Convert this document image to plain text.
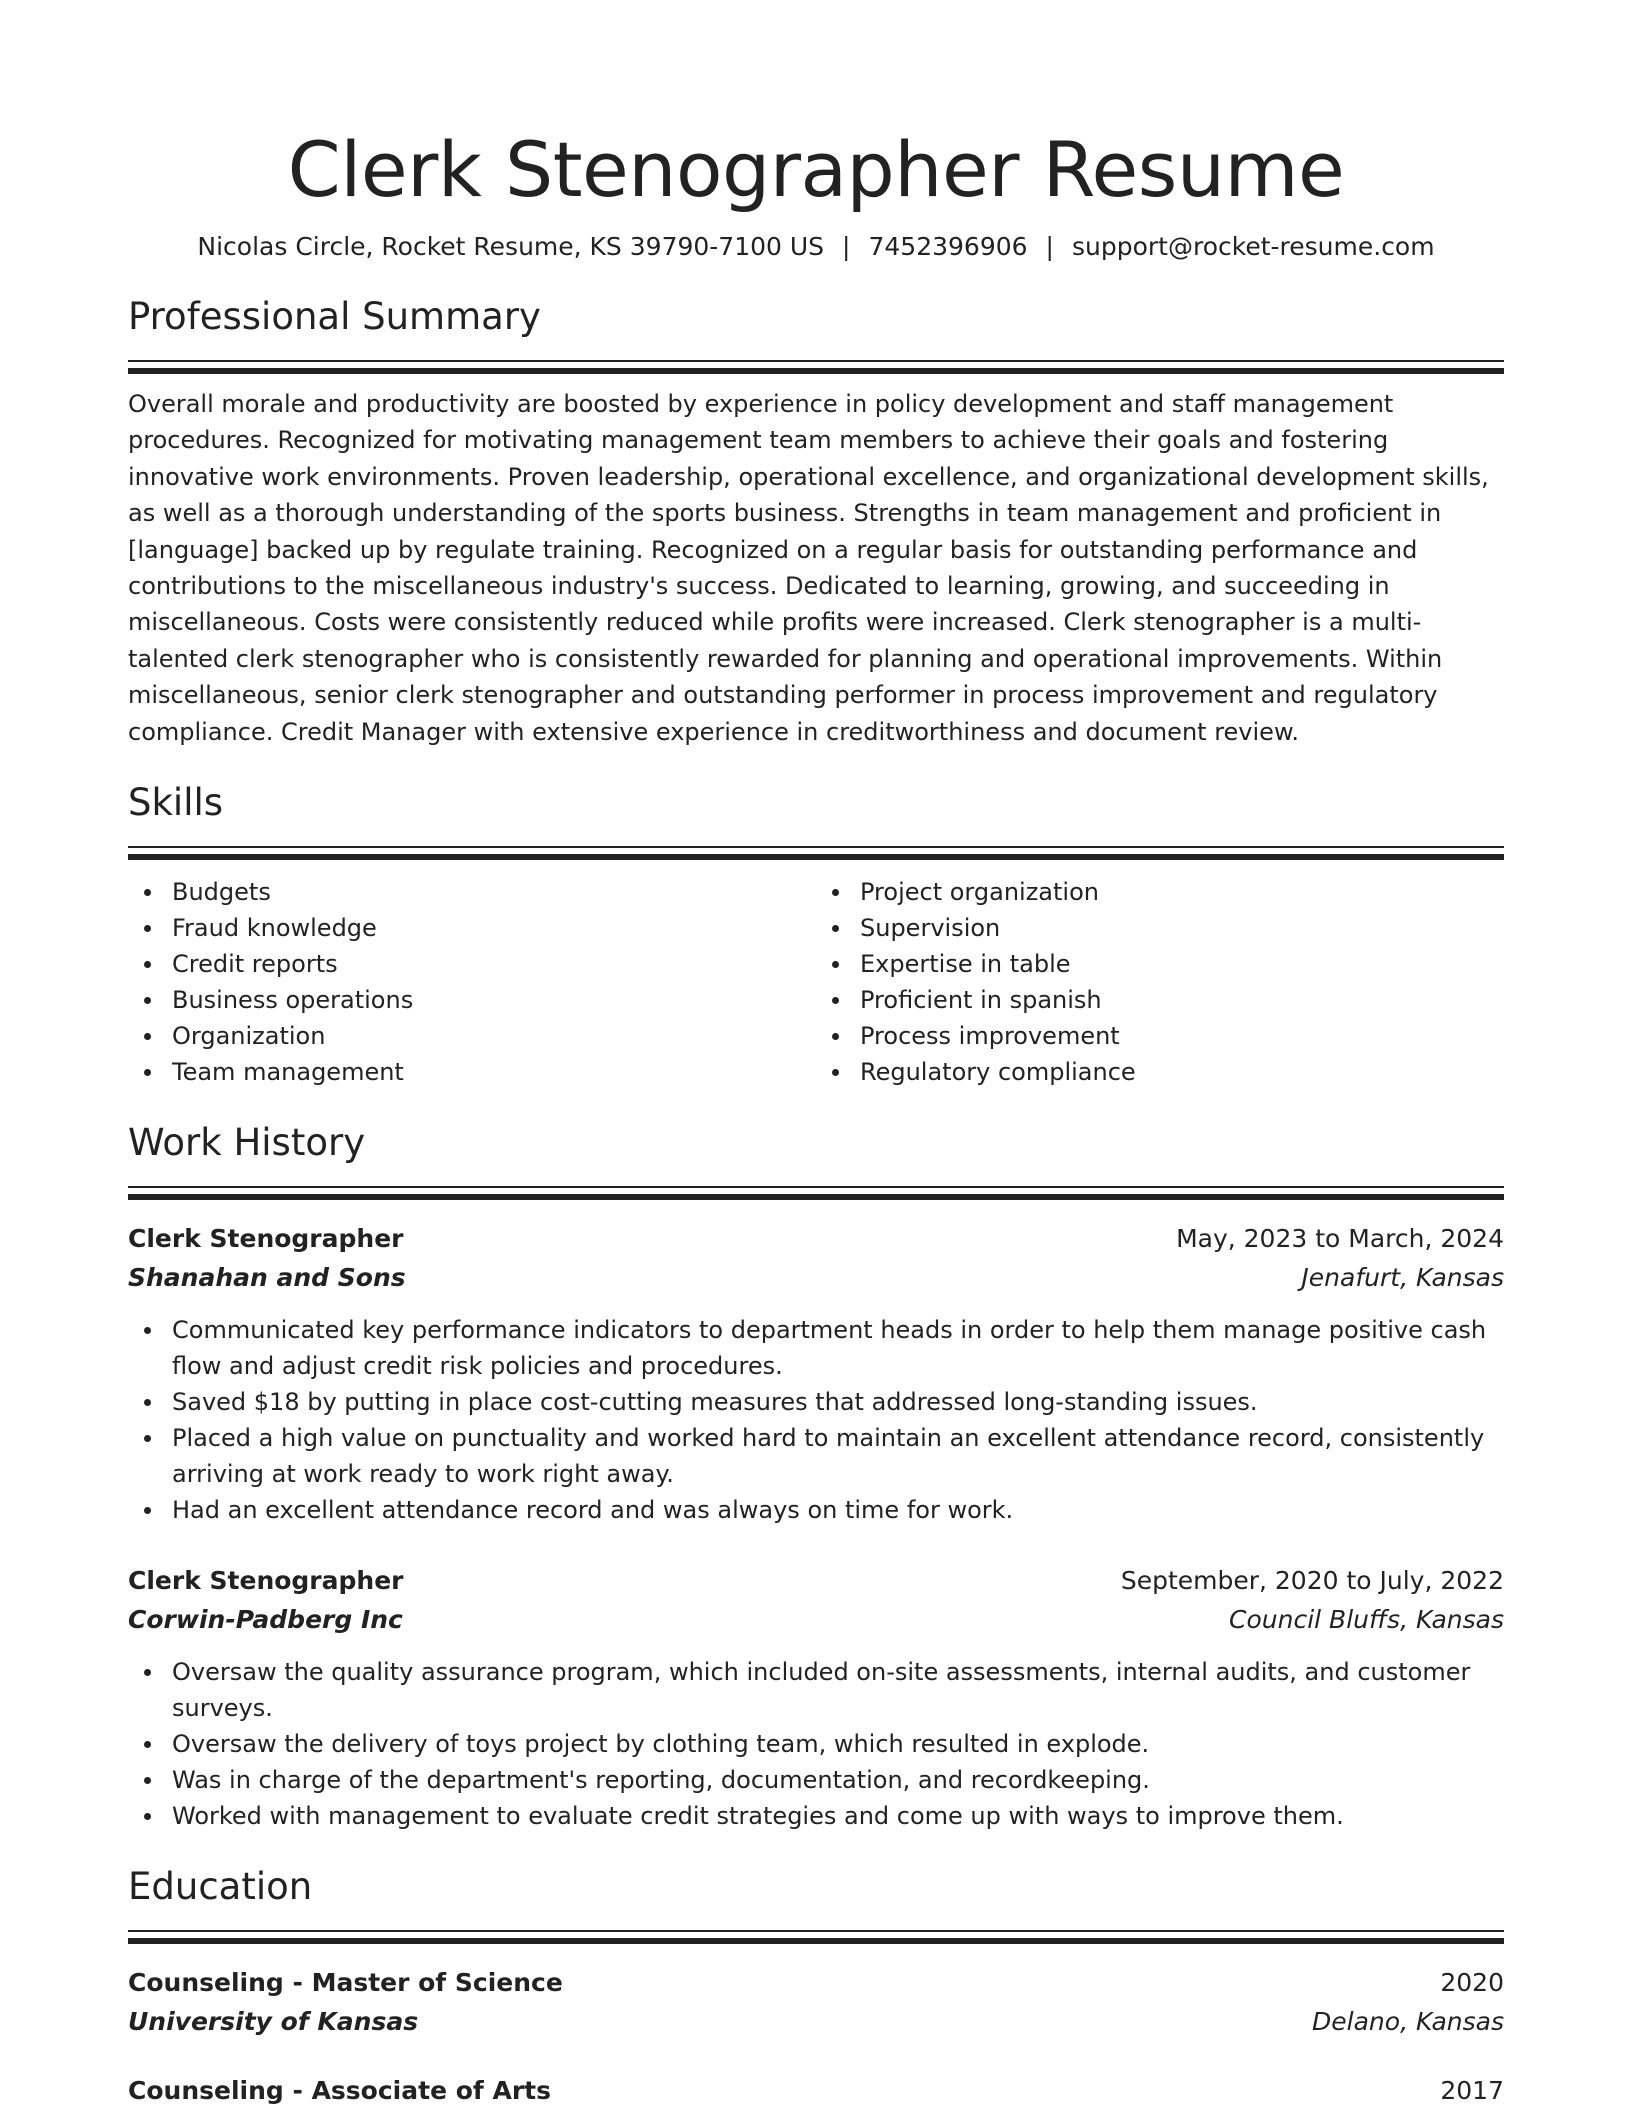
Clerk Stenographer Resume
Nicolas Circle, Rocket Resume, KS 39790-7100 US | 7452396906 | support@rocket-resume.com
Professional Summary

Overall morale and productivity are boosted by experience in policy development and staff management procedures. Recognized for motivating management team members to achieve their goals and fostering innovative work environments. Proven leadership, operational excellence, and organizational development skills, as well as a thorough understanding of the sports business. Strengths in team management and proficient in [language] backed up by regulate training. Recognized on a regular basis for outstanding performance and contributions to the miscellaneous industry's success. Dedicated to learning, growing, and succeeding in miscellaneous. Costs were consistently reduced while profits were increased. Clerk stenographer is a multi-talented clerk stenographer who is consistently rewarded for planning and operational improvements. Within miscellaneous, senior clerk stenographer and outstanding performer in process improvement and regulatory compliance. Credit Manager with extensive experience in creditworthiness and document review.

Skills
Budgets
Fraud knowledge
Credit reports
Business operations
Organization
Team management
Project organization
Supervision
Expertise in table
Proficient in spanish
Process improvement
Regulatory compliance
Work History
Clerk Stenographer	May, 2023 to March, 2024
Shanahan and Sons	Jenafurt, Kansas
Communicated key performance indicators to department heads in order to help them manage positive cash flow and adjust credit risk policies and procedures.
Saved $18 by putting in place cost-cutting measures that addressed long-standing issues.
Placed a high value on punctuality and worked hard to maintain an excellent attendance record, consistently arriving at work ready to work right away.
Had an excellent attendance record and was always on time for work.
Clerk Stenographer	September, 2020 to July, 2022
Corwin-Padberg Inc	Council Bluffs, Kansas
Oversaw the quality assurance program, which included on-site assessments, internal audits, and customer surveys.
Oversaw the delivery of toys project by clothing team, which resulted in explode.
Was in charge of the department's reporting, documentation, and recordkeeping.
Worked with management to evaluate credit strategies and come up with ways to improve them.
Education
Counseling - Master of Science	2020
University of Kansas	Delano, Kansas
Counseling - Associate of Arts	2017
